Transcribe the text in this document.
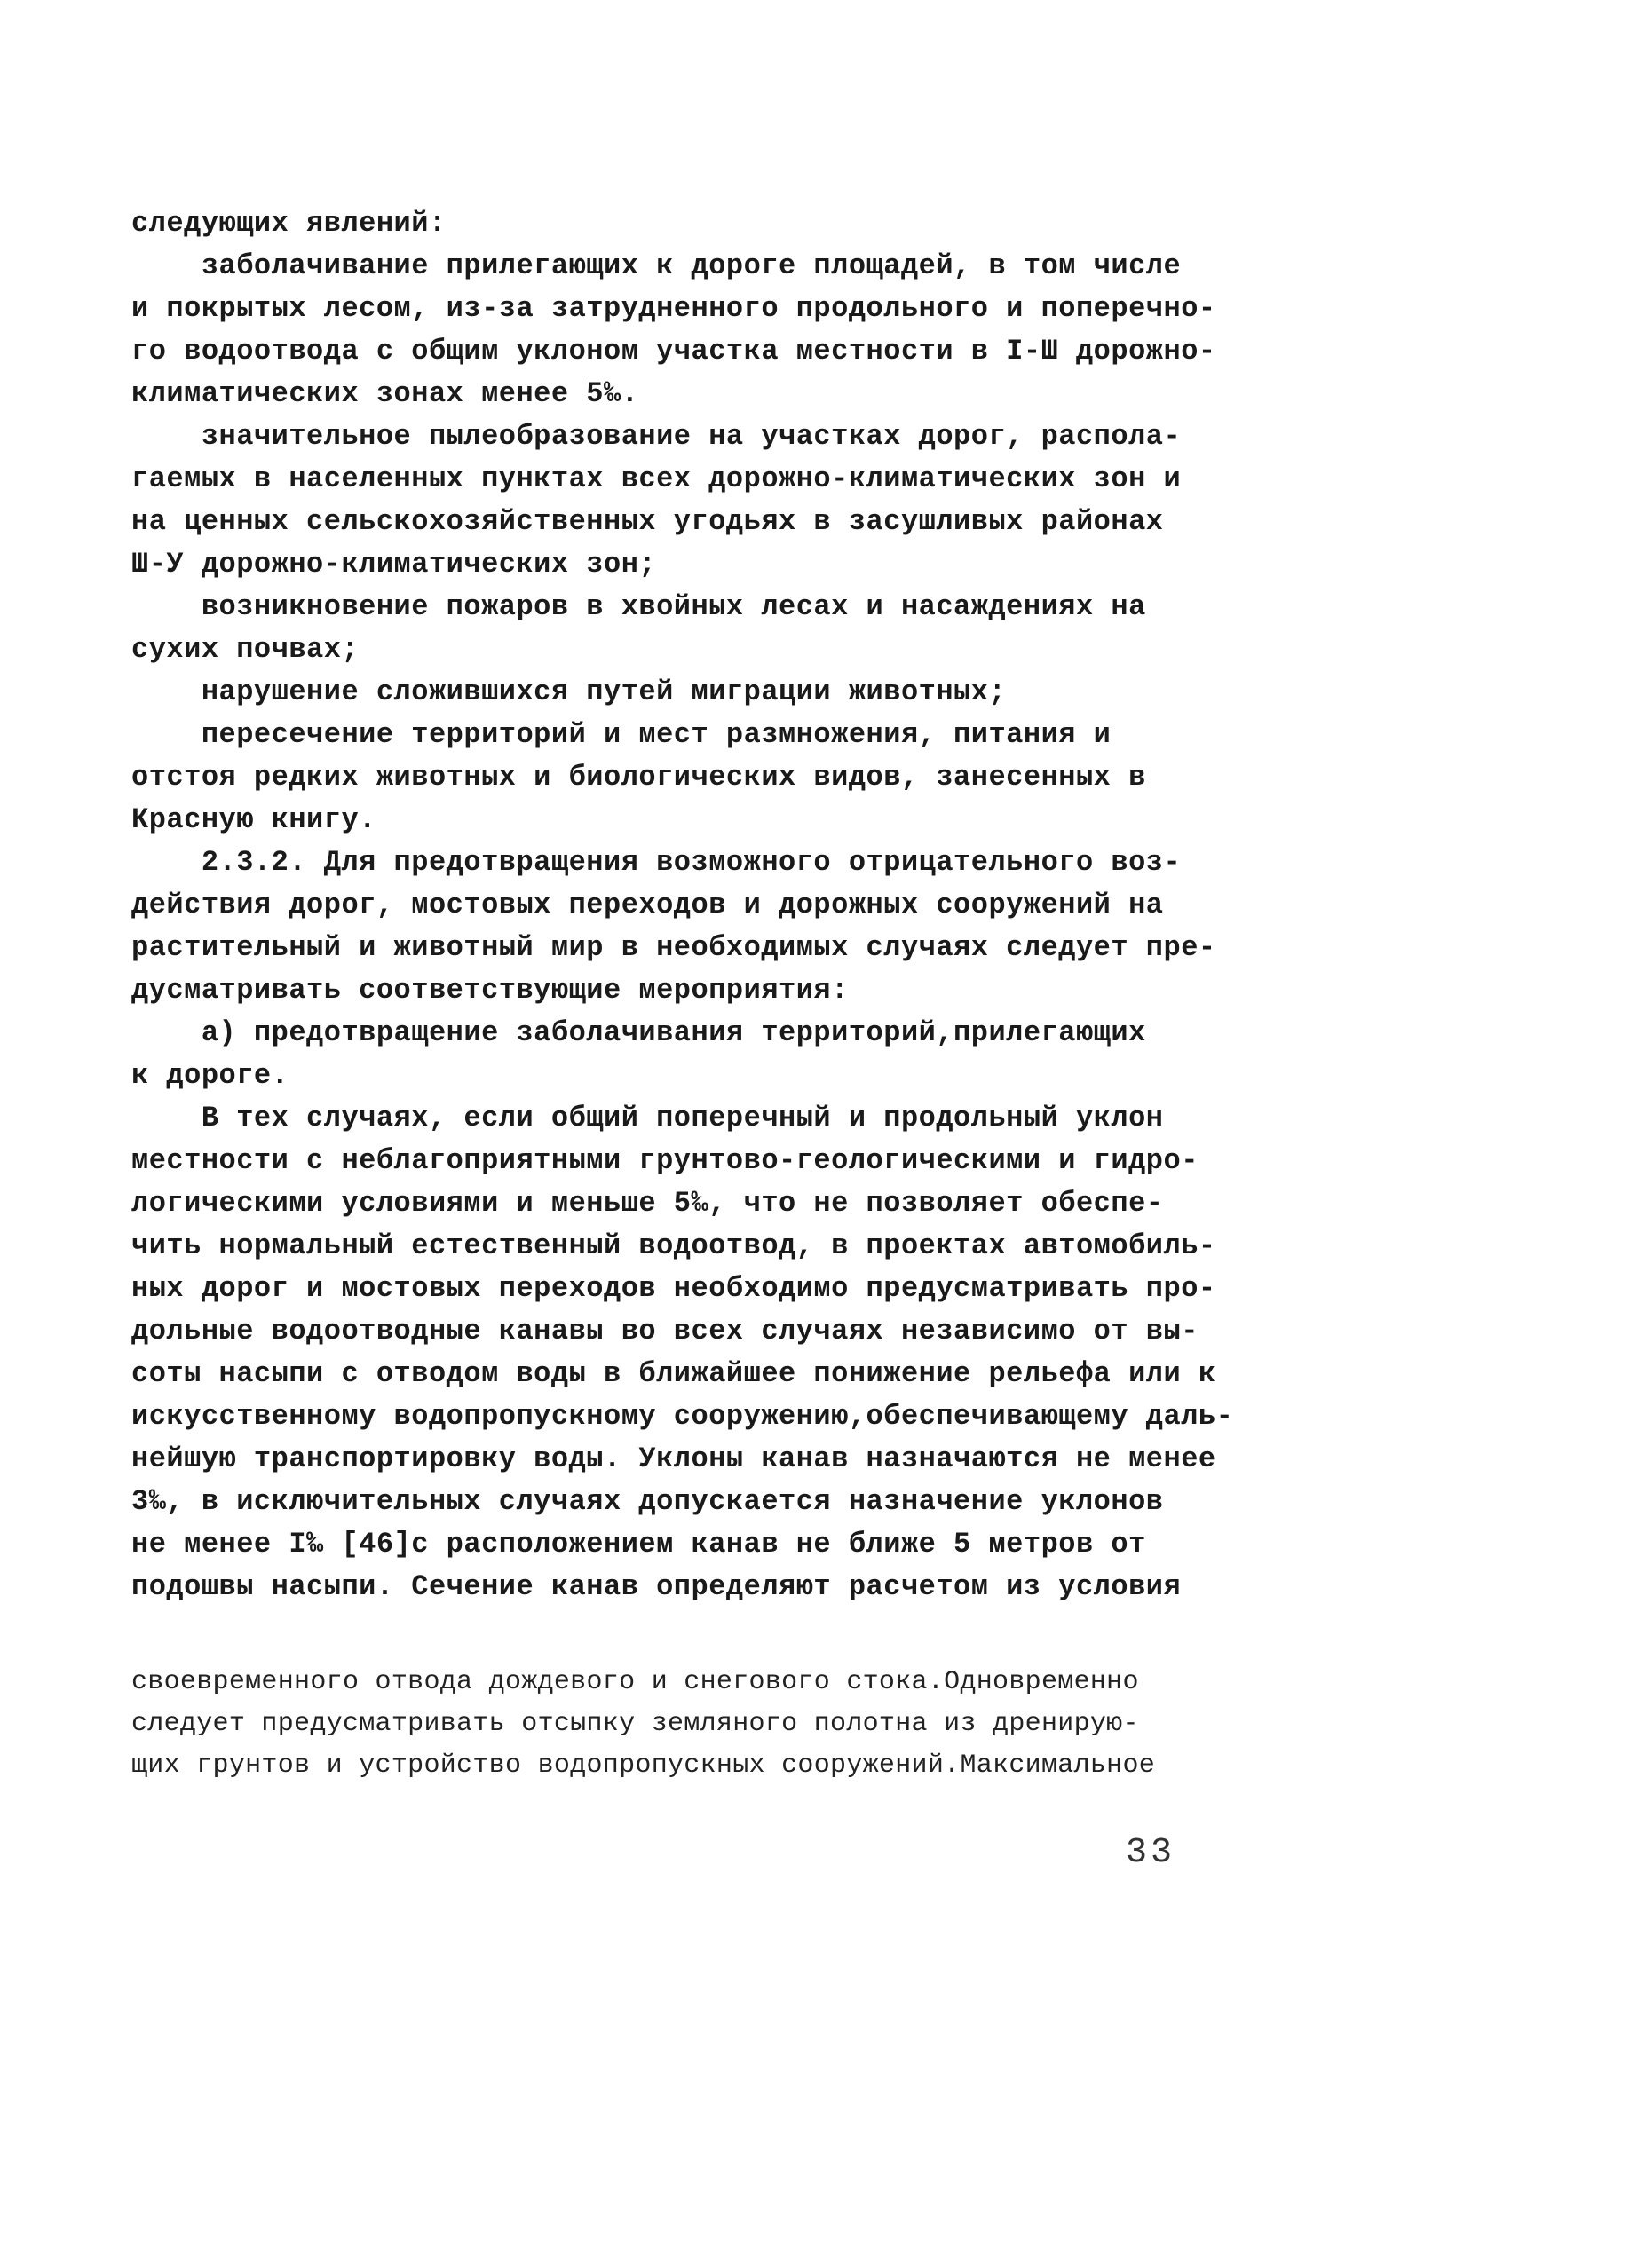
следующих явлений:
заболачивание прилегающих к дороге площадей, в том числе
и покрытых лесом, из-за затрудненного продольного и поперечно-
го водоотвода с общим уклоном участка местности в I-Ш дорожно-
климатических зонах менее 5‰.
значительное пылеобразование на участках дорог, распола-
гаемых в населенных пунктах всех дорожно-климатических зон и
на ценных сельскохозяйственных угодьях в засушливых районах
Ш-У дорожно-климатических зон;
возникновение пожаров в хвойных лесах и насаждениях на
сухих почвах;
нарушение сложившихся путей миграции животных;
пересечение территорий и мест размножения, питания и
отстоя редких животных и биологических видов, занесенных в
Красную книгу.
2.3.2. Для предотвращения возможного отрицательного воз-
действия дорог, мостовых переходов и дорожных сооружений на
растительный и животный мир в необходимых случаях следует пре-
дусматривать соответствующие мероприятия:
а) предотвращение заболачивания территорий,прилегающих
к дороге.
В тех случаях, если общий поперечный и продольный уклон
местности с неблагоприятными грунтово-геологическими и гидро-
логическими условиями и меньше 5‰, что не позволяет обеспе-
чить нормальный естественный водоотвод, в проектах автомобиль-
ных дорог и мостовых переходов необходимо предусматривать про-
дольные водоотводные канавы во всех случаях независимо от вы-
соты насыпи с отводом воды в ближайшее понижение рельефа или к
искусственному водопропускному сооружению,обеспечивающему даль-
нейшую транспортировку воды. Уклоны канав назначаются не менее
3‰, в исключительных случаях допускается назначение уклонов
не менее I‰ [46]с расположением канав не ближе 5 метров от
подошвы насыпи. Сечение канав определяют расчетом из условия
своевременного отвода дождевого и снегового стока.Одновременно
следует предусматривать отсыпку земляного полотна из дренирую-
щих грунтов и устройство водопропускных сооружений.Максимальное
33
